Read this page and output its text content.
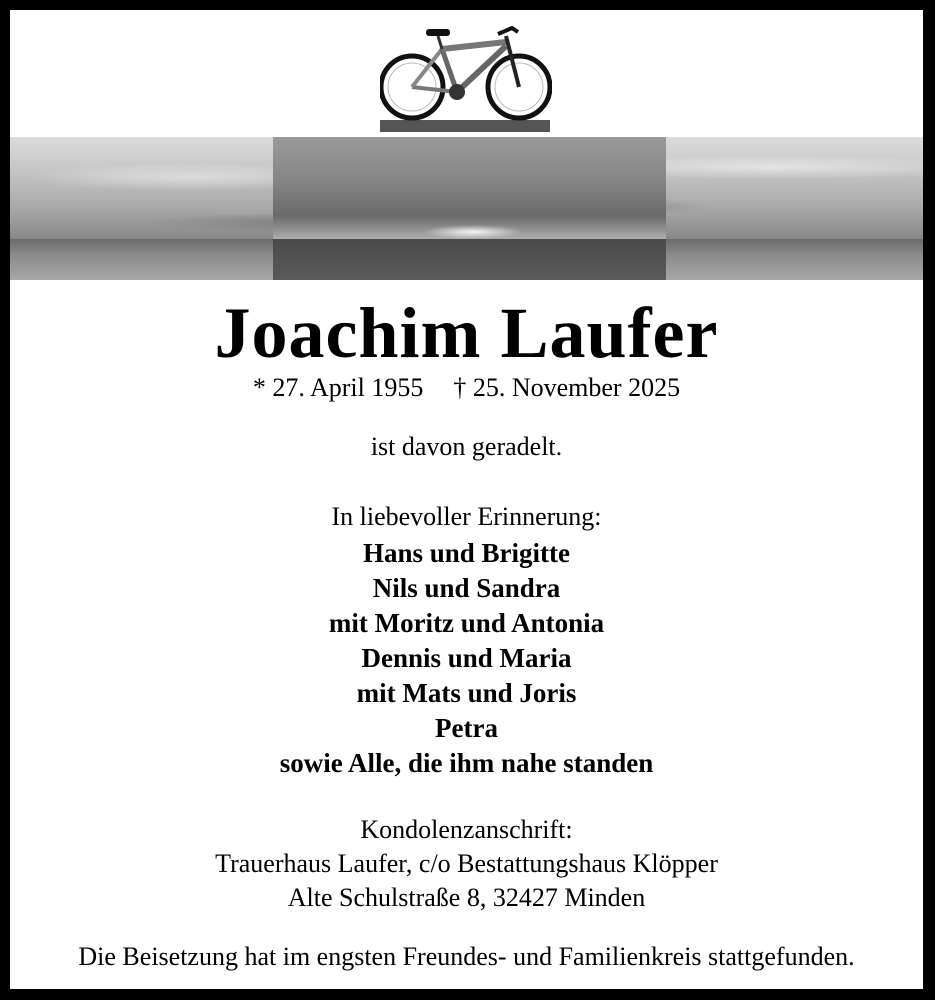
Joachim Laufer
* 27. April 1955 † 25. November 2025
ist davon geradelt.
In liebevoller Erinnerung:
Hans und Brigitte
Nils und Sandra
mit Moritz und Antonia
Dennis und Maria
mit Mats und Joris
Petra
sowie Alle, die ihm nahe standen
Kondolenzanschrift:
Trauerhaus Laufer, c/o Bestattungshaus Klöpper
Alte Schulstraße 8, 32427 Minden
Die Beisetzung hat im engsten Freundes- und Familienkreis stattgefunden.
